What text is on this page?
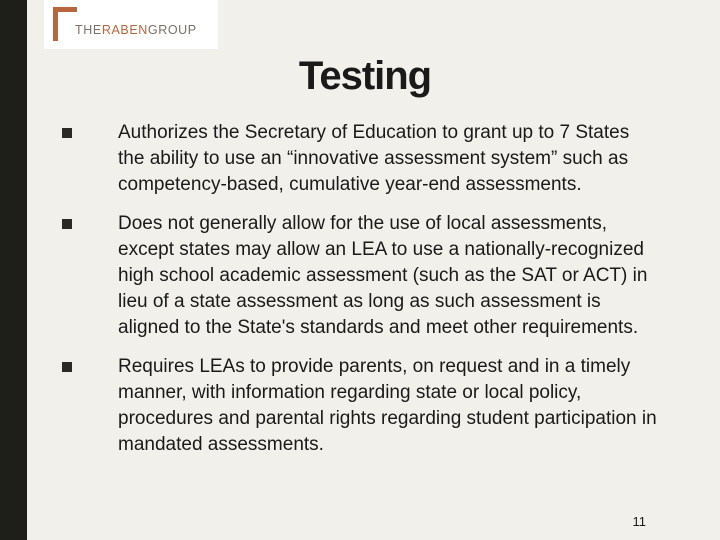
THERABENGROUP
Testing
Authorizes the Secretary of Education to grant up to 7 States the ability to use an “innovative assessment system” such as competency-based, cumulative year-end assessments.
Does not generally allow for the use of local assessments, except states may allow an LEA to use a nationally-recognized high school academic assessment (such as the SAT or ACT) in lieu of a state assessment as long as such assessment is aligned to the State's standards and meet other requirements.
Requires LEAs to provide parents, on request and in a timely manner, with information regarding state or local policy, procedures and parental rights regarding student participation in mandated assessments.
11
